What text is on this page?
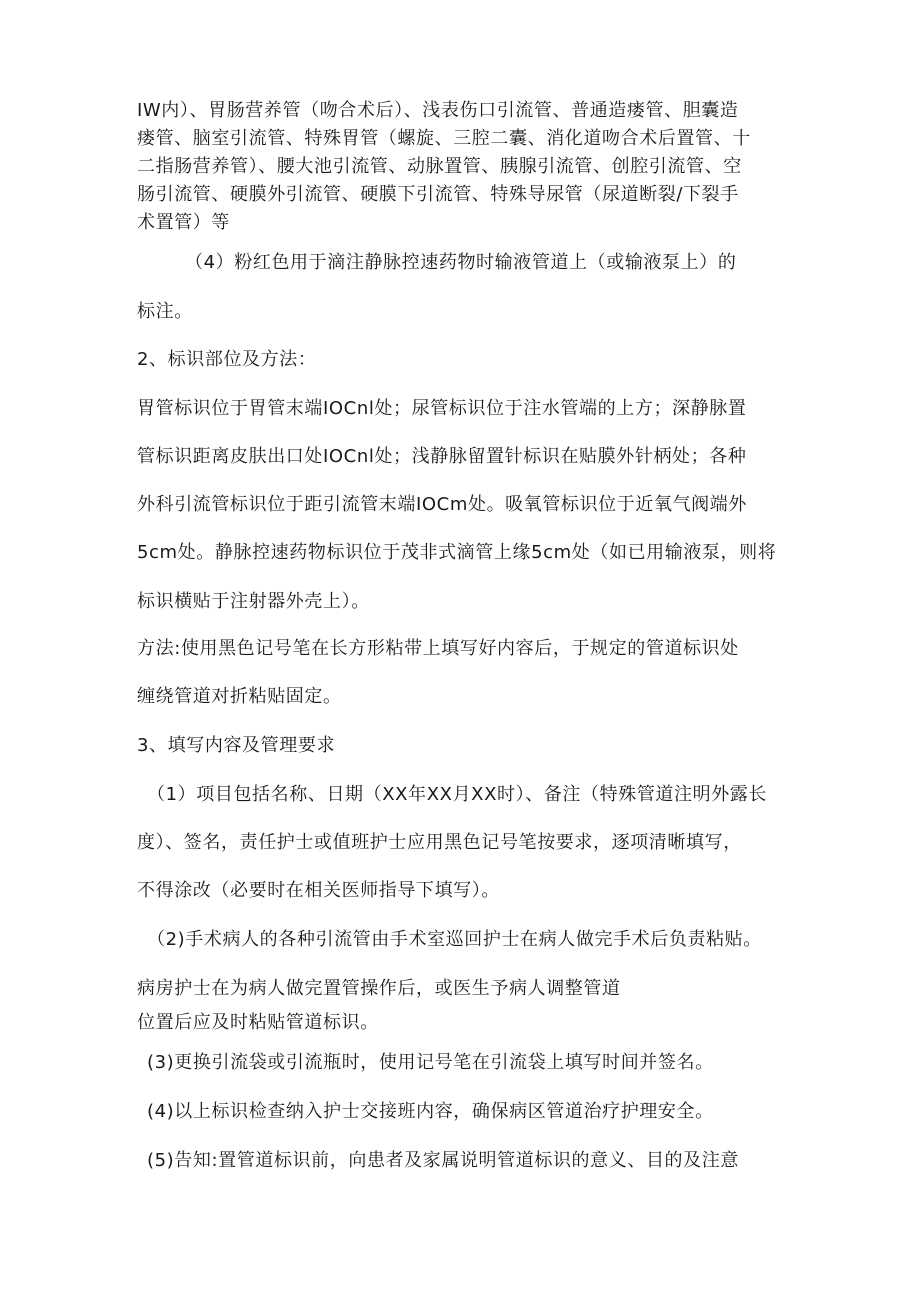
IW内）、胃肠营养管（吻合术后）、浅表伤口引流管、普通造瘘管、胆囊造
瘘管、脑室引流管、特殊胃管（螺旋、三腔二囊、消化道吻合术后置管、十
二指肠营养管）、腰大池引流管、动脉置管、胰腺引流管、创腔引流管、空
肠引流管、硬膜外引流管、硬膜下引流管、特殊导尿管（尿道断裂/下裂手
术置管）等
（4）粉红色用于滴注静脉控速药物时输液管道上（或输液泵上）的
标注。
2、标识部位及方法：
胃管标识位于胃管末端IOCnl处；尿管标识位于注水管端的上方；深静脉置
管标识距离皮肤出口处IOCnl处；浅静脉留置针标识在贴膜外针柄处；各种
外科引流管标识位于距引流管末端IOCm处。吸氧管标识位于近氧气阀端外
5cm处。静脉控速药物标识位于茂非式滴管上缘5cm处（如已用输液泵，则将
标识横贴于注射器外壳上）。
方法:使用黑色记号笔在长方形粘带上填写好内容后，于规定的管道标识处
缠绕管道对折粘贴固定。
3、填写内容及管理要求
（1）项目包括名称、日期（XX年XX月XX时）、备注（特殊管道注明外露长
度）、签名，责任护士或值班护士应用黑色记号笔按要求，逐项清晰填写，
不得涂改（必要时在相关医师指导下填写）。
（2)手术病人的各种引流管由手术室巡回护士在病人做完手术后负责粘贴。
病房护士在为病人做完置管操作后，或医生予病人调整管道
位置后应及时粘贴管道标识。
(3)更换引流袋或引流瓶时，使用记号笔在引流袋上填写时间并签名。
(4)以上标识检查纳入护士交接班内容，确保病区管道治疗护理安全。
(5)告知:置管道标识前，向患者及家属说明管道标识的意义、目的及注意
